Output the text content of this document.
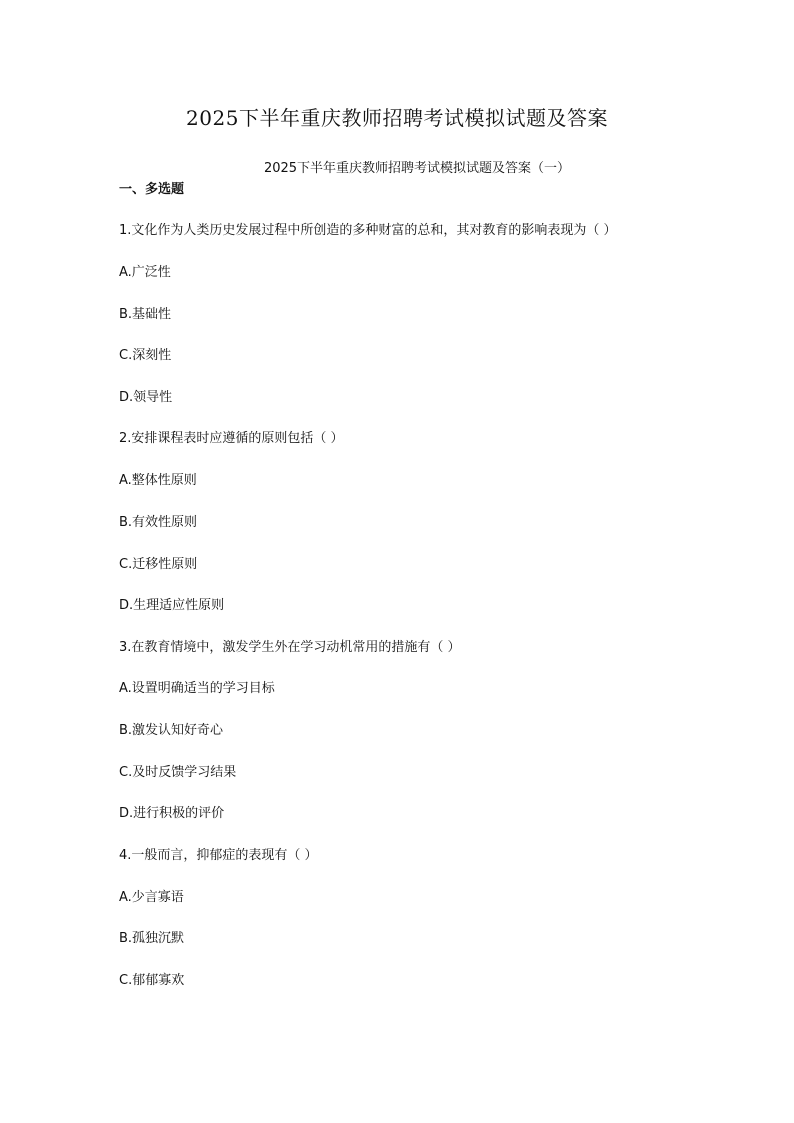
2025下半年重庆教师招聘考试模拟试题及答案
2025下半年重庆教师招聘考试模拟试题及答案（一）
一、多选题
1.文化作为人类历史发展过程中所创造的多种财富的总和，其对教育的影响表现为（ ）
A.广泛性
B.基础性
C.深刻性
D.领导性
2.安排课程表时应遵循的原则包括（ ）
A.整体性原则
B.有效性原则
C.迁移性原则
D.生理适应性原则
3.在教育情境中，激发学生外在学习动机常用的措施有（ ）
A.设置明确适当的学习目标
B.激发认知好奇心
C.及时反馈学习结果
D.进行积极的评价
4.一般而言，抑郁症的表现有（ ）
A.少言寡语
B.孤独沉默
C.郁郁寡欢
